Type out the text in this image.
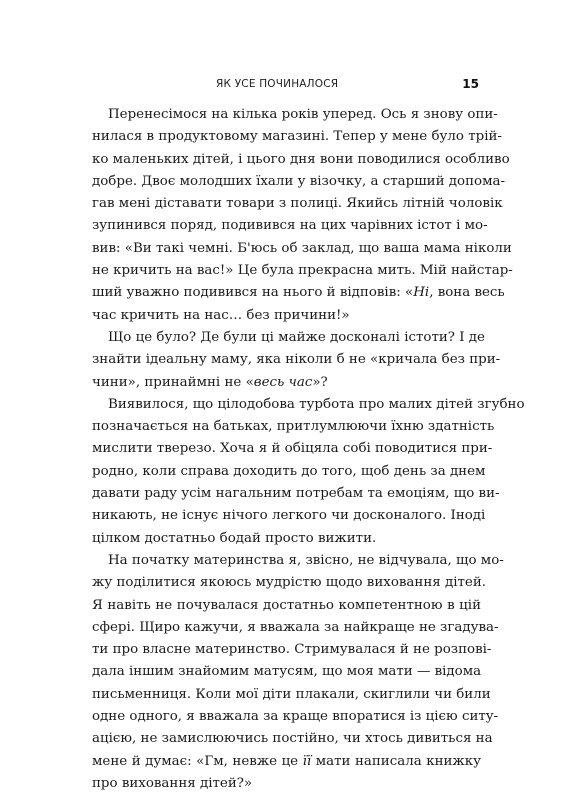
ЯК УСЕ ПОЧИНАЛОСЯ	15
Перенесімося на кілька років уперед. Ось я знову опи-
нилася в продуктовому магазині. Тепер у мене було трій-
ко маленьких дітей, і цього дня вони поводилися особливо
добре. Двоє молодших їхали у візочку, а старший допома-
гав мені діставати товари з полиці. Якийсь літній чоловік
зупинився поряд, подивився на цих чарівних істот і мо-
вив: «Ви такі чемні. Б'юсь об заклад, що ваша мама ніколи
не кричить на вас!» Це була прекрасна мить. Мій найстар-
ший уважно подивився на нього й відповів: «Ні, вона весь
час кричить на нас… без причини!»
Що це було? Де були ці майже досконалі істоти? І де
знайти ідеальну маму, яка ніколи б не «кричала без при-
чини», принаймні не «весь час»?
Виявилося, що цілодобова турбота про малих дітей згубно
позначається на батьках, притлумлюючи їхню здатність
мислити тверезо. Хоча я й обіцяла собі поводитися при-
родно, коли справа доходить до того, щоб день за днем
давати раду усім нагальним потребам та емоціям, що ви-
никають, не існує нічого легкого чи досконалого. Іноді
цілком достатньо бодай просто вижити.
На початку материнства я, звісно, не відчувала, що мо-
жу поділитися якоюсь мудрістю щодо виховання дітей.
Я навіть не почувалася достатньо компетентною в цій
сфері. Щиро кажучи, я вважала за найкраще не згадува-
ти про власне материнство. Стримувалася й не розпові-
дала іншим знайомим матусям, що моя мати — відома
письменниця. Коли мої діти плакали, скиглили чи били
одне одного, я вважала за краще впоратися із цією ситу-
ацією, не замислюючись постійно, чи хтось дивиться на
мене й думає: «Гм, невже це її мати написала книжку
про виховання дітей?»
